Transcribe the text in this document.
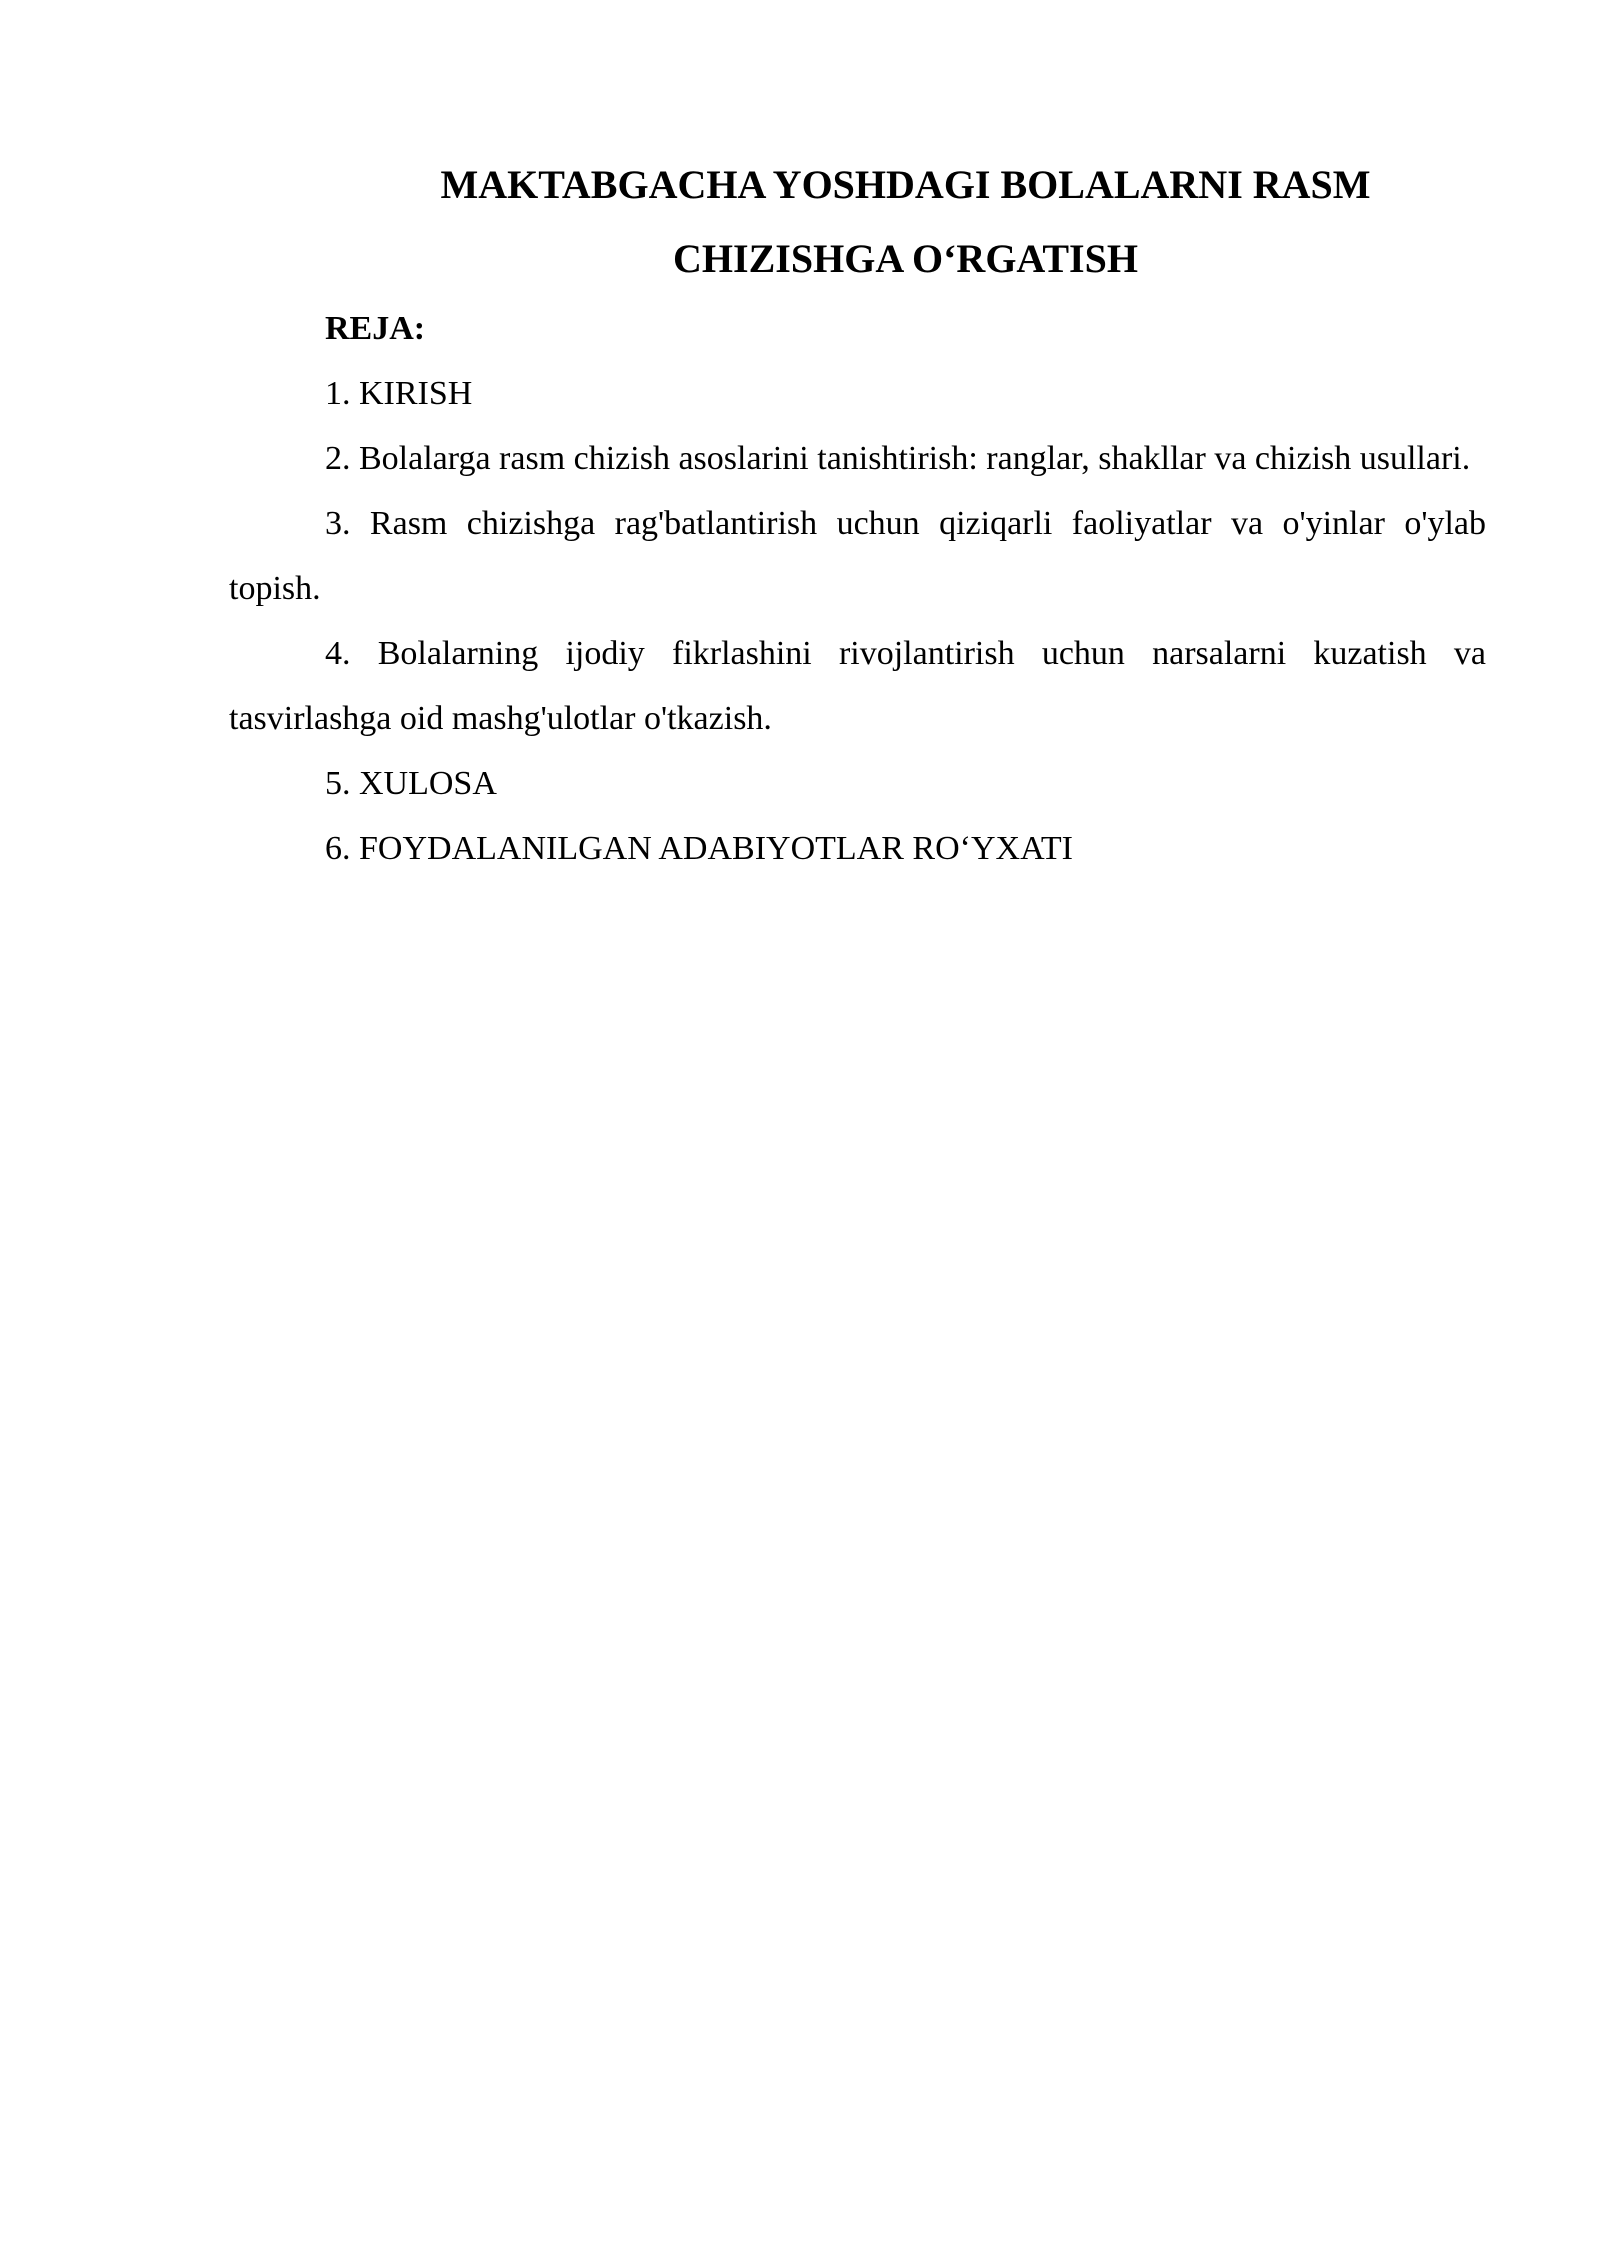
MAKTABGACHA YOSHDAGI BOLALARNI RASM

CHIZISHGA O‘RGATISH

REJA:

1. KIRISH

2. Bolalarga rasm chizish asoslarini tanishtirish: ranglar, shakllar va chizish usullari.

3. Rasm chizishga rag'batlantirish uchun qiziqarli faoliyatlar va o'yinlar o'ylab topish.

4. Bolalarning ijodiy fikrlashini rivojlantirish uchun narsalarni kuzatish va tasvirlashga oid mashg'ulotlar o'tkazish.

5. XULOSA

6. FOYDALANILGAN ADABIYOTLAR RO‘YXATI
